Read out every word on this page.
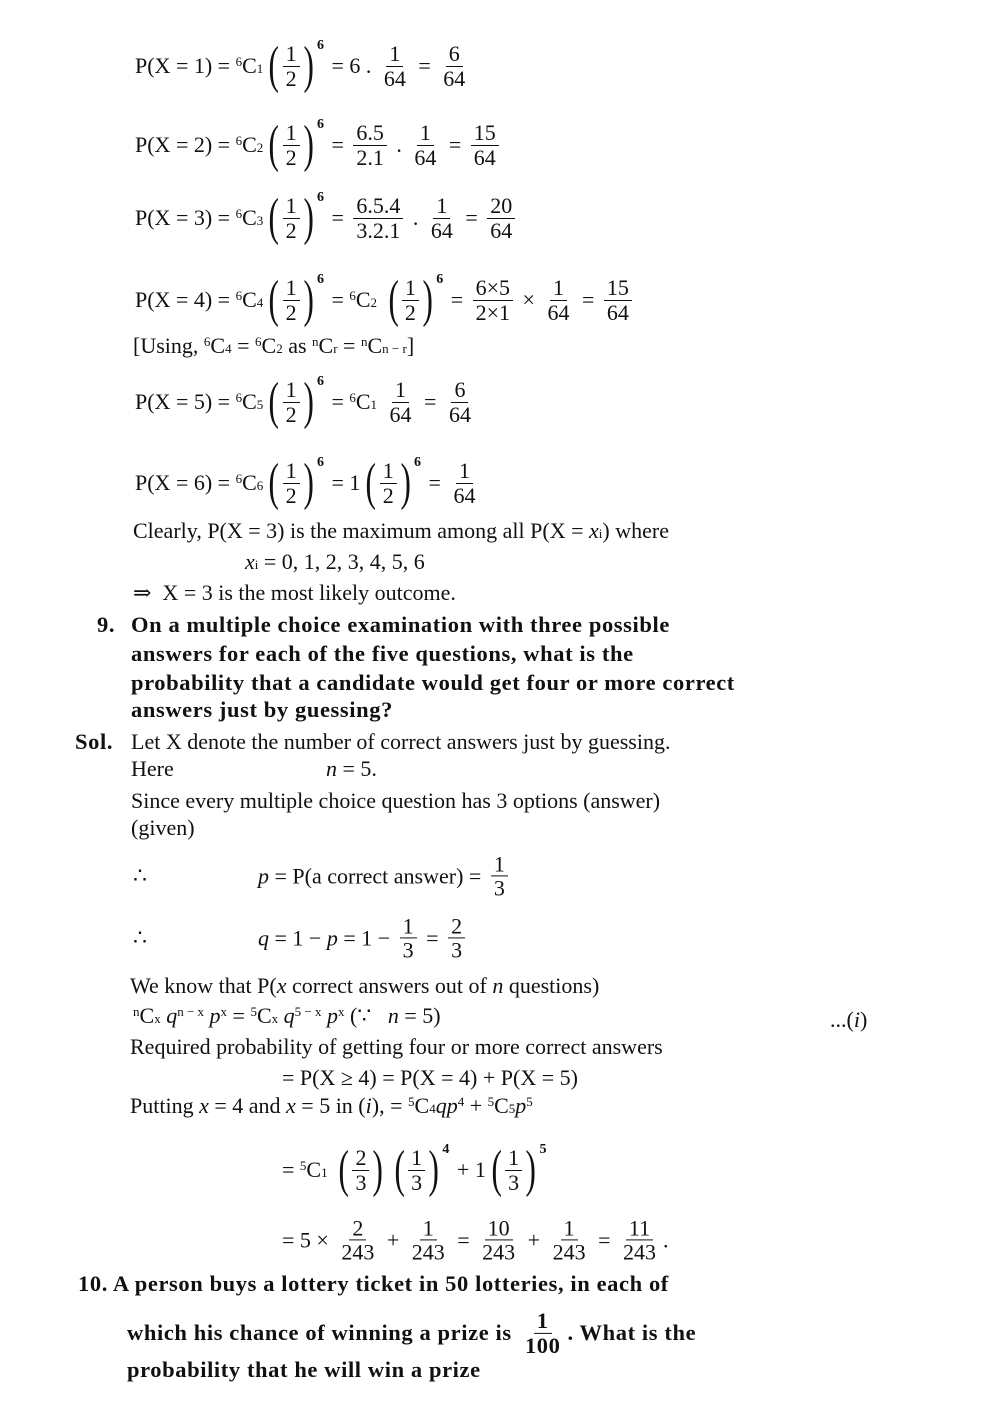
P(X = 1) = 6 C 1 ( $\frac{1}{2}$ ) 6
= 6 . $\frac{1}{64} = \frac{6}{64}$
P(X = 2) = 6 C 2 ( $\frac{1}{2}$ ) 6
= $\frac{6.5}{2.1}$ . $\frac{1}{64} = \frac{15}{64}$
P(X = 3) = 6 C 3 ( $\frac{1}{2}$ ) 6
= $\frac{6.5.4}{3.2.1}$ . $\frac{1}{64} = \frac{20}{64}$
P(X = 4) = 6 C 4 ( $\frac{1}{2}$ ) 6
= 6 C 2
( $\frac{1}{2}$ ) 6
= $\frac{6\times 5}{2\times 1} \times \frac{1}{64} = \frac{15}{64}$
[Using, 6 C 4 = 6 C 2 as n C r = n C n − r ]
P(X = 5) = 6 C 5 ( $\frac{1}{2}$ ) 6
= 6 C 1
$\frac{1}{64} = \frac{6}{64}$
P(X = 6) = 6 C 6 ( $\frac{1}{2}$ ) 6
= 1 ( $\frac{1}{2}$ ) 6
= $\frac{1}{64}$
Clearly, P(X = 3) is the maximum among all P(X = x i ) where
x i = 0, 1, 2, 3, 4, 5, 6
⇒  X = 3 is the most likely outcome.
9. On a multiple choice examination with three possible
answers for each of the five questions, what is the
probability that a candidate would get four or more correct
answers just by guessing?
Sol. Let X denote the number of correct answers just by guessing.
Here	n = 5.
Since every multiple choice question has 3 options (answer)
(given)
∴	p = P(a correct answer) = $\frac{1}{3}$
∴	$q = 1 - p = 1 - \frac{1}{3} = \frac{2}{3}$
We know that P( x correct answers out of n questions)
n C x
q n − x
p x = 5 C x
q 5 − x
p x (∵ n = 5)	...( i )
Required probability of getting four or more correct answers
= P(X ≥ 4) = P(X = 4) + P(X = 5)
Putting x = 4 and x = 5 in ( i ), = 5 C 4 qp 4 + 5 C 5 p 5
= 5 C 1
( $\frac{2}{3}$ ) ( $\frac{1}{3}$ ) 4
+ 1 ( $\frac{1}{3}$ ) 5
= $5 \times \frac{2}{243} + \frac{1}{243} = \frac{10}{243} + \frac{1}{243} = \frac{11}{243}$ .
10. A person buys a lottery ticket in 50 lotteries, in each of
which his chance of winning a prize is $\frac{1}{100}$ . What is the
probability that he will win a prize
